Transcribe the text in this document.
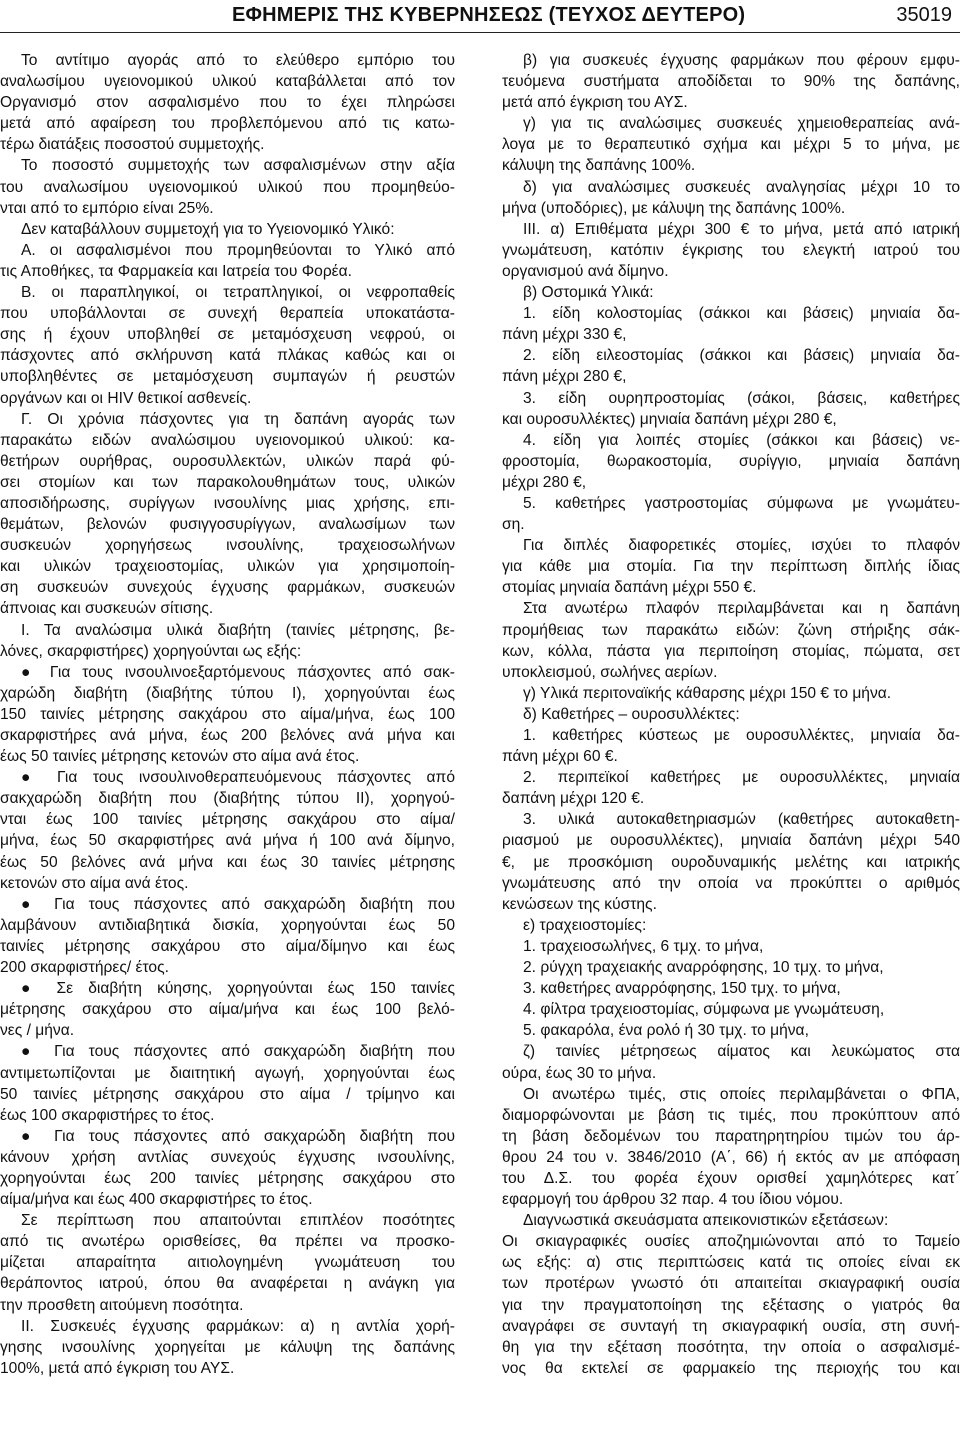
ΕΦΗΜΕΡΙΣ ΤΗΣ ΚΥΒΕΡΝΗΣΕΩΣ (ΤΕΥΧΟΣ ΔΕΥΤΕΡΟ)	35019
Το αντίτιμο αγοράς από το ελεύθερο εμπόριο του
αναλωσίμου υγειονομικού υλικού καταβάλλεται από τον
Οργανισμό στον ασφαλισμένο που το έχει πληρώσει
μετά από αφαίρεση του προβλεπόμενου από τις κατω-
τέρω διατάξεις ποσοστού συμμετοχής.
Το ποσοστό συμμετοχής των ασφαλισμένων στην αξία
του αναλωσίμου υγειονομικού υλικού που προμηθεύο-
νται από το εμπόριο είναι 25%.
Δεν καταβάλλουν συμμετοχή για το Υγειονομικό Υλικό:
Α. οι ασφαλισμένοι που προμηθεύονται το Υλικό από
τις Αποθήκες, τα Φαρμακεία και Ιατρεία του Φορέα.
Β. οι παραπληγικοί, οι τετραπληγικοί, οι νεφροπαθείς
που υποβάλλονται σε συνεχή θεραπεία υποκατάστα-
σης ή έχουν υποβληθεί σε μεταμόσχευση νεφρού, οι
πάσχοντες από σκλήρυνση κατά πλάκας καθώς και οι
υποβληθέντες σε μεταμόσχευση συμπαγών ή ρευστών
οργάνων και οι HIV θετικοί ασθενείς.
Γ. Οι χρόνια πάσχοντες για τη δαπάνη αγοράς των
παρακάτω ειδών αναλώσιμου υγειονομικού υλικού: κα-
θετήρων ουρήθρας, ουροσυλλεκτών, υλικών παρά φύ-
σει στομίων και των παρακολουθημάτων τους, υλικών
αποσιδήρωσης, συρίγγων ινσουλίνης μιας χρήσης, επι-
θεμάτων, βελονών φυσιγγοσυρίγγων, αναλωσίμων των
συσκευών χορηγήσεως ινσουλίνης, τραχειοσωλήνων
και υλικών τραχειοστομίας, υλικών για χρησιμοποίη-
ση συσκευών συνεχούς έγχυσης φαρμάκων, συσκευών
άπνοιας και συσκευών σίτισης.
Ι. Τα αναλώσιμα υλικά διαβήτη (ταινίες μέτρησης, βε-
λόνες, σκαρφιστήρες) χορηγούνται ως εξής:
● Για τους ινσουλινοεξαρτόμενους πάσχοντες από σακ-
χαρώδη διαβήτη (διαβήτης τύπου Ι), χορηγούνται έως
150 ταινίες μέτρησης σακχάρου στο αίμα/μήνα, έως 100
σκαρφιστήρες ανά μήνα, έως 200 βελόνες ανά μήνα και
έως 50 ταινίες μέτρησης κετονών στο αίμα ανά έτος.
● Για τους ινσουλινοθεραπευόμενους πάσχοντες από
σακχαρώδη διαβήτη που (διαβήτης τύπου ΙΙ), χορηγού-
νται έως 100 ταινίες μέτρησης σακχάρου στο αίμα/
μήνα, έως 50 σκαρφιστήρες ανά μήνα ή 100 ανά δίμηνο,
έως 50 βελόνες ανά μήνα και έως 30 ταινίες μέτρησης
κετονών στο αίμα ανά έτος.
● Για τους πάσχοντες από σακχαρώδη διαβήτη που
λαμβάνουν αντιδιαβητικά δισκία, χορηγούνται έως 50
ταινίες μέτρησης σακχάρου στο αίμα/δίμηνο και έως
200 σκαρφιστήρες/ έτος.
● Σε διαβήτη κύησης, χορηγούνται έως 150 ταινίες
μέτρησης σακχάρου στο αίμα/μήνα και έως 100 βελό-
νες / μήνα.
● Για τους πάσχοντες από σακχαρώδη διαβήτη που
αντιμετωπίζονται με διαιτητική αγωγή, χορηγούνται έως
50 ταινίες μέτρησης σακχάρου στο αίμα / τρίμηνο και
έως 100 σκαρφιστήρες το έτος.
● Για τους πάσχοντες από σακχαρώδη διαβήτη που
κάνουν χρήση αντλίας συνεχούς έγχυσης ινσουλίνης,
χορηγούνται έως 200 ταινίες μέτρησης σακχάρου στο
αίμα/μήνα και έως 400 σκαρφιστήρες το έτος.
Σε περίπτωση που απαιτούνται επιπλέον ποσότητες
από τις ανωτέρω ορισθείσες, θα πρέπει να προσκο-
μίζεται απαραίτητα αιτιολογημένη γνωμάτευση του
θεράποντος ιατρού, όπου θα αναφέρεται η ανάγκη για
την προσθετη αιτούμενη ποσότητα.
ΙΙ. Συσκευές έγχυσης φαρμάκων: α) η αντλία χορή-
γησης ινσουλίνης χορηγείται με κάλυψη της δαπάνης
100%, μετά από έγκριση του ΑΥΣ.
β) για συσκευές έγχυσης φαρμάκων που φέρουν εμφυ-
τευόμενα συστήματα αποδίδεται το 90% της δαπάνης,
μετά από έγκριση του ΑΥΣ.
γ) για τις αναλώσιμες συσκευές χημειοθεραπείας ανά-
λογα με το θεραπευτικό σχήμα και μέχρι 5 το μήνα, με
κάλυψη της δαπάνης 100%.
δ) για αναλώσιμες συσκευές αναλγησίας μέχρι 10 το
μήνα (υποδόριες), με κάλυψη της δαπάνης 100%.
ΙΙΙ. α) Επιθέματα μέχρι 300 € το μήνα, μετά από ιατρική
γνωμάτευση, κατόπιν έγκρισης του ελεγκτή ιατρού του
οργανισμού ανά δίμηνο.
β) Οστομικά Υλικά:
1. είδη κολοστομίας (σάκκοι και βάσεις) μηνιαία δα-
πάνη μέχρι 330 €,
2. είδη ειλεοστομίας (σάκκοι και βάσεις) μηνιαία δα-
πάνη μέχρι 280 €,
3. είδη ουρηπροστομίας (σάκοι, βάσεις, καθετήρες
και ουροσυλλέκτες) μηνιαία δαπάνη μέχρι 280 €,
4. είδη για λοιπές στομίες (σάκκοι και βάσεις) νε-
φροστομία, θωρακοστομία, συρίγγιο, μηνιαία δαπάνη
μέχρι 280 €,
5. καθετήρες γαστροστομίας σύμφωνα με γνωμάτευ-
ση.
Για διπλές διαφορετικές στομίες, ισχύει το πλαφόν
για κάθε μια στομία. Για την περίπτωση διπλής ίδιας
στομίας μηνιαία δαπάνη μέχρι 550 €.
Στα ανωτέρω πλαφόν περιλαμβάνεται και η δαπάνη
προμήθειας των παρακάτω ειδών: ζώνη στήριξης σάκ-
κων, κόλλα, πάστα για περιποίηση στομίας, πώματα, σετ
υποκλεισμού, σωλήνες αερίων.
γ) Υλικά περιτοναϊκής κάθαρσης μέχρι 150 € το μήνα.
δ) Καθετήρες – ουροσυλλέκτες:
1. καθετήρες κύστεως με ουροσυλλέκτες, μηνιαία δα-
πάνη μέχρι 60 €.
2. περιπεϊκοί καθετήρες με ουροσυλλέκτες, μηνιαία
δαπάνη μέχρι 120 €.
3. υλικά αυτοκαθετηριασμών (καθετήρες αυτοκαθετη-
ριασμού με ουροσυλλέκτες), μηνιαία δαπάνη μέχρι 540
€, με προσκόμιση ουροδυναμικής μελέτης και ιατρικής
γνωμάτευσης από την οποία να προκύπτει ο αριθμός
κενώσεων της κύστης.
ε) τραχειοστομίες:
1. τραχειοσωλήνες, 6 τμχ. το μήνα,
2. ρύγχη τραχειακής αναρρόφησης, 10 τμχ. το μήνα,
3. καθετήρες αναρρόφησης, 150 τμχ. το μήνα,
4. φίλτρα τραχειοστομίας, σύμφωνα με γνωμάτευση,
5. φακαρόλα, ένα ρολό ή 30 τμχ. το μήνα,
ζ) ταινίες μέτρησεως αίματος και λευκώματος στα
ούρα, έως 30 το μήνα.
Οι ανωτέρω τιμές, στις οποίες περιλαμβάνεται ο ΦΠΑ,
διαμορφώνονται με βάση τις τιμές, που προκύπτουν από
τη βάση δεδομένων του παρατηρητηρίου τιμών του άρ-
θρου 24 του ν. 3846/2010 (Α΄, 66) ή εκτός αν με απόφαση
του Δ.Σ. του φορέα έχουν ορισθεί χαμηλότερες κατ΄
εφαρμογή του άρθρου 32 παρ. 4 του ίδιου νόμου.
Διαγνωστικά σκευάσματα απεικονιστικών εξετάσεων:
Οι σκιαγραφικές ουσίες αποζημιώνονται από το Ταμείο
ως εξής: α) στις περιπτώσεις κατά τις οποίες είναι εκ
των προτέρων γνωστό ότι απαιτείται σκιαγραφική ουσία
για την πραγματοποίηση της εξέτασης ο γιατρός θα
αναγράφει σε συνταγή τη σκιαγραφική ουσία, στη συνή-
θη για την εξέταση ποσότητα, την οποία ο ασφαλισμέ-
νος θα εκτελεί σε φαρμακείο της περιοχής του και
